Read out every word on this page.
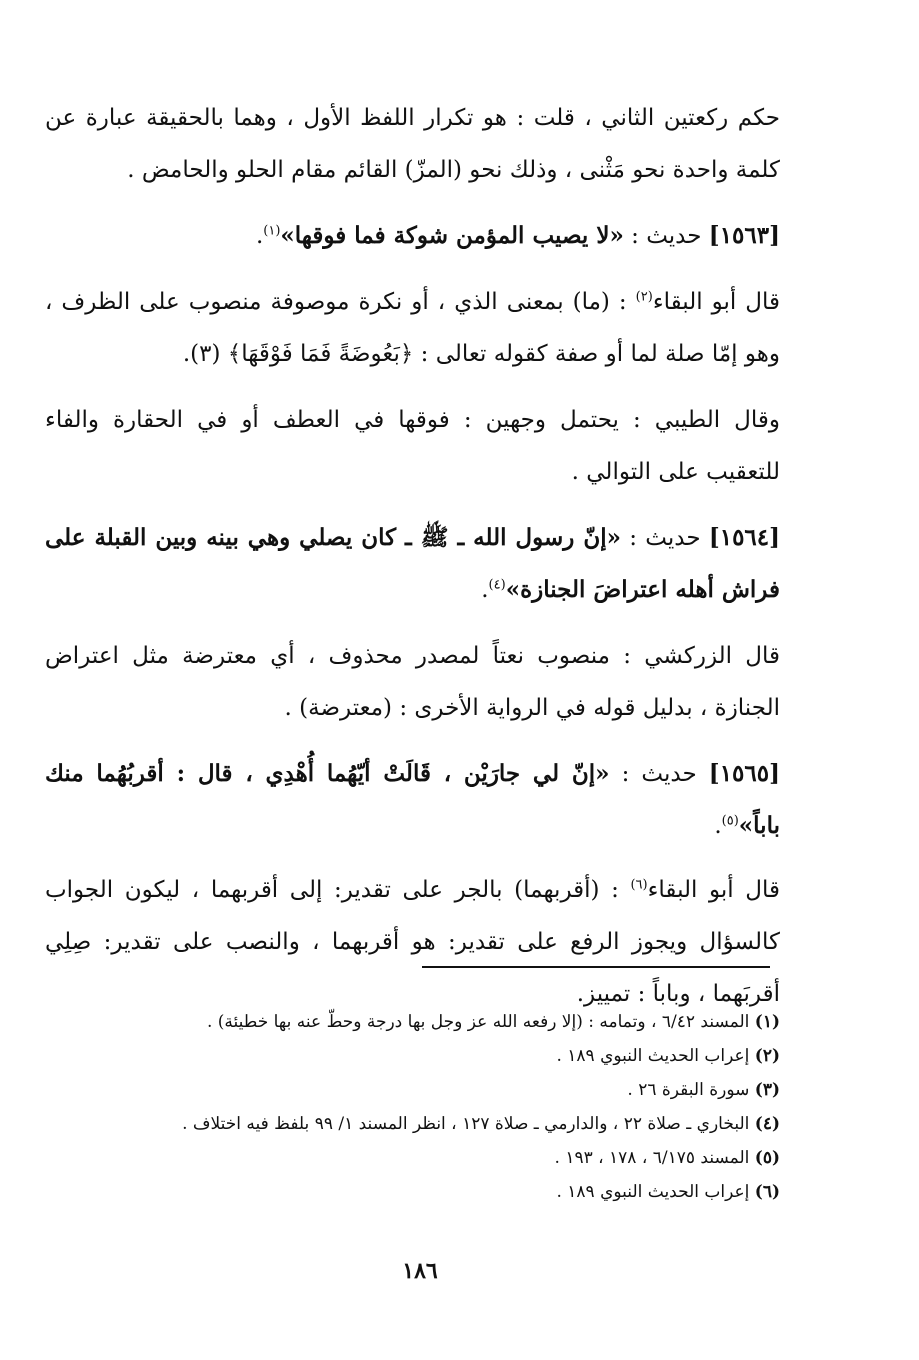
حكم ركعتين الثاني ، قلت : هو تكرار اللفظ الأول ، وهما بالحقيقة عبارة عن كلمة واحدة نحو مَثْنى ، وذلك نحو (المزّ) القائم مقام الحلو والحامض .

[١٥٦٣] حديث : «لا يصيب المؤمن شوكة فما فوقها»$^{(١)}$.

قال أبو البقاء$^{(٢)}$ : (ما) بمعنى الذي ، أو نكرة موصوفة منصوب على الظرف ، وهو إمّا صلة لما أو صفة كقوله تعالى : ﴿بَعُوضَةً فَمَا فَوْقَهَا﴾ (٣).

وقال الطيبي : يحتمل وجهين : فوقها في العطف أو في الحقارة والفاء للتعقيب على التوالي .

[١٥٦٤] حديث : «إنّ رسول الله ـ ﷺ ـ كان يصلي وهي بينه وبين القبلة على فراش أهله اعتراضَ الجنازة»$^{(٤)}$.

قال الزركشي : منصوب نعتاً لمصدر محذوف ، أي معترضة مثل اعتراض الجنازة ، بدليل قوله في الرواية الأخرى : (معترضة) .

[١٥٦٥] حديث : «إنّ لي جارَيْن ، قَالَتْ أيّهُما أُهْدِي ، قال : أقربُهُما منك باباً»$^{(٥)}$.

قال أبو البقاء$^{(٦)}$ : (أقربهما) بالجر على تقدير: إلى أقربهما ، ليكون الجواب كالسؤال ويجوز الرفع على تقدير: هو أقربهما ، والنصب على تقدير: صِلِي أقربَهما ، وباباً : تمييز.

(١) المسند ٦/٤٢ ، وتمامه : (إلا رفعه الله عز وجل بها درجة وحطّ عنه بها خطيئة) .

(٢) إعراب الحديث النبوي ١٨٩ .

(٣) سورة البقرة ٢٦ .

(٤) البخاري ـ صلاة ٢٢ ، والدارمي ـ صلاة ١٢٧ ، انظر المسند ١/ ٩٩ بلفظ فيه اختلاف .

(٥) المسند ٦/١٧٥ ، ١٧٨ ، ١٩٣ .

(٦) إعراب الحديث النبوي ١٨٩ .

١٨٦
